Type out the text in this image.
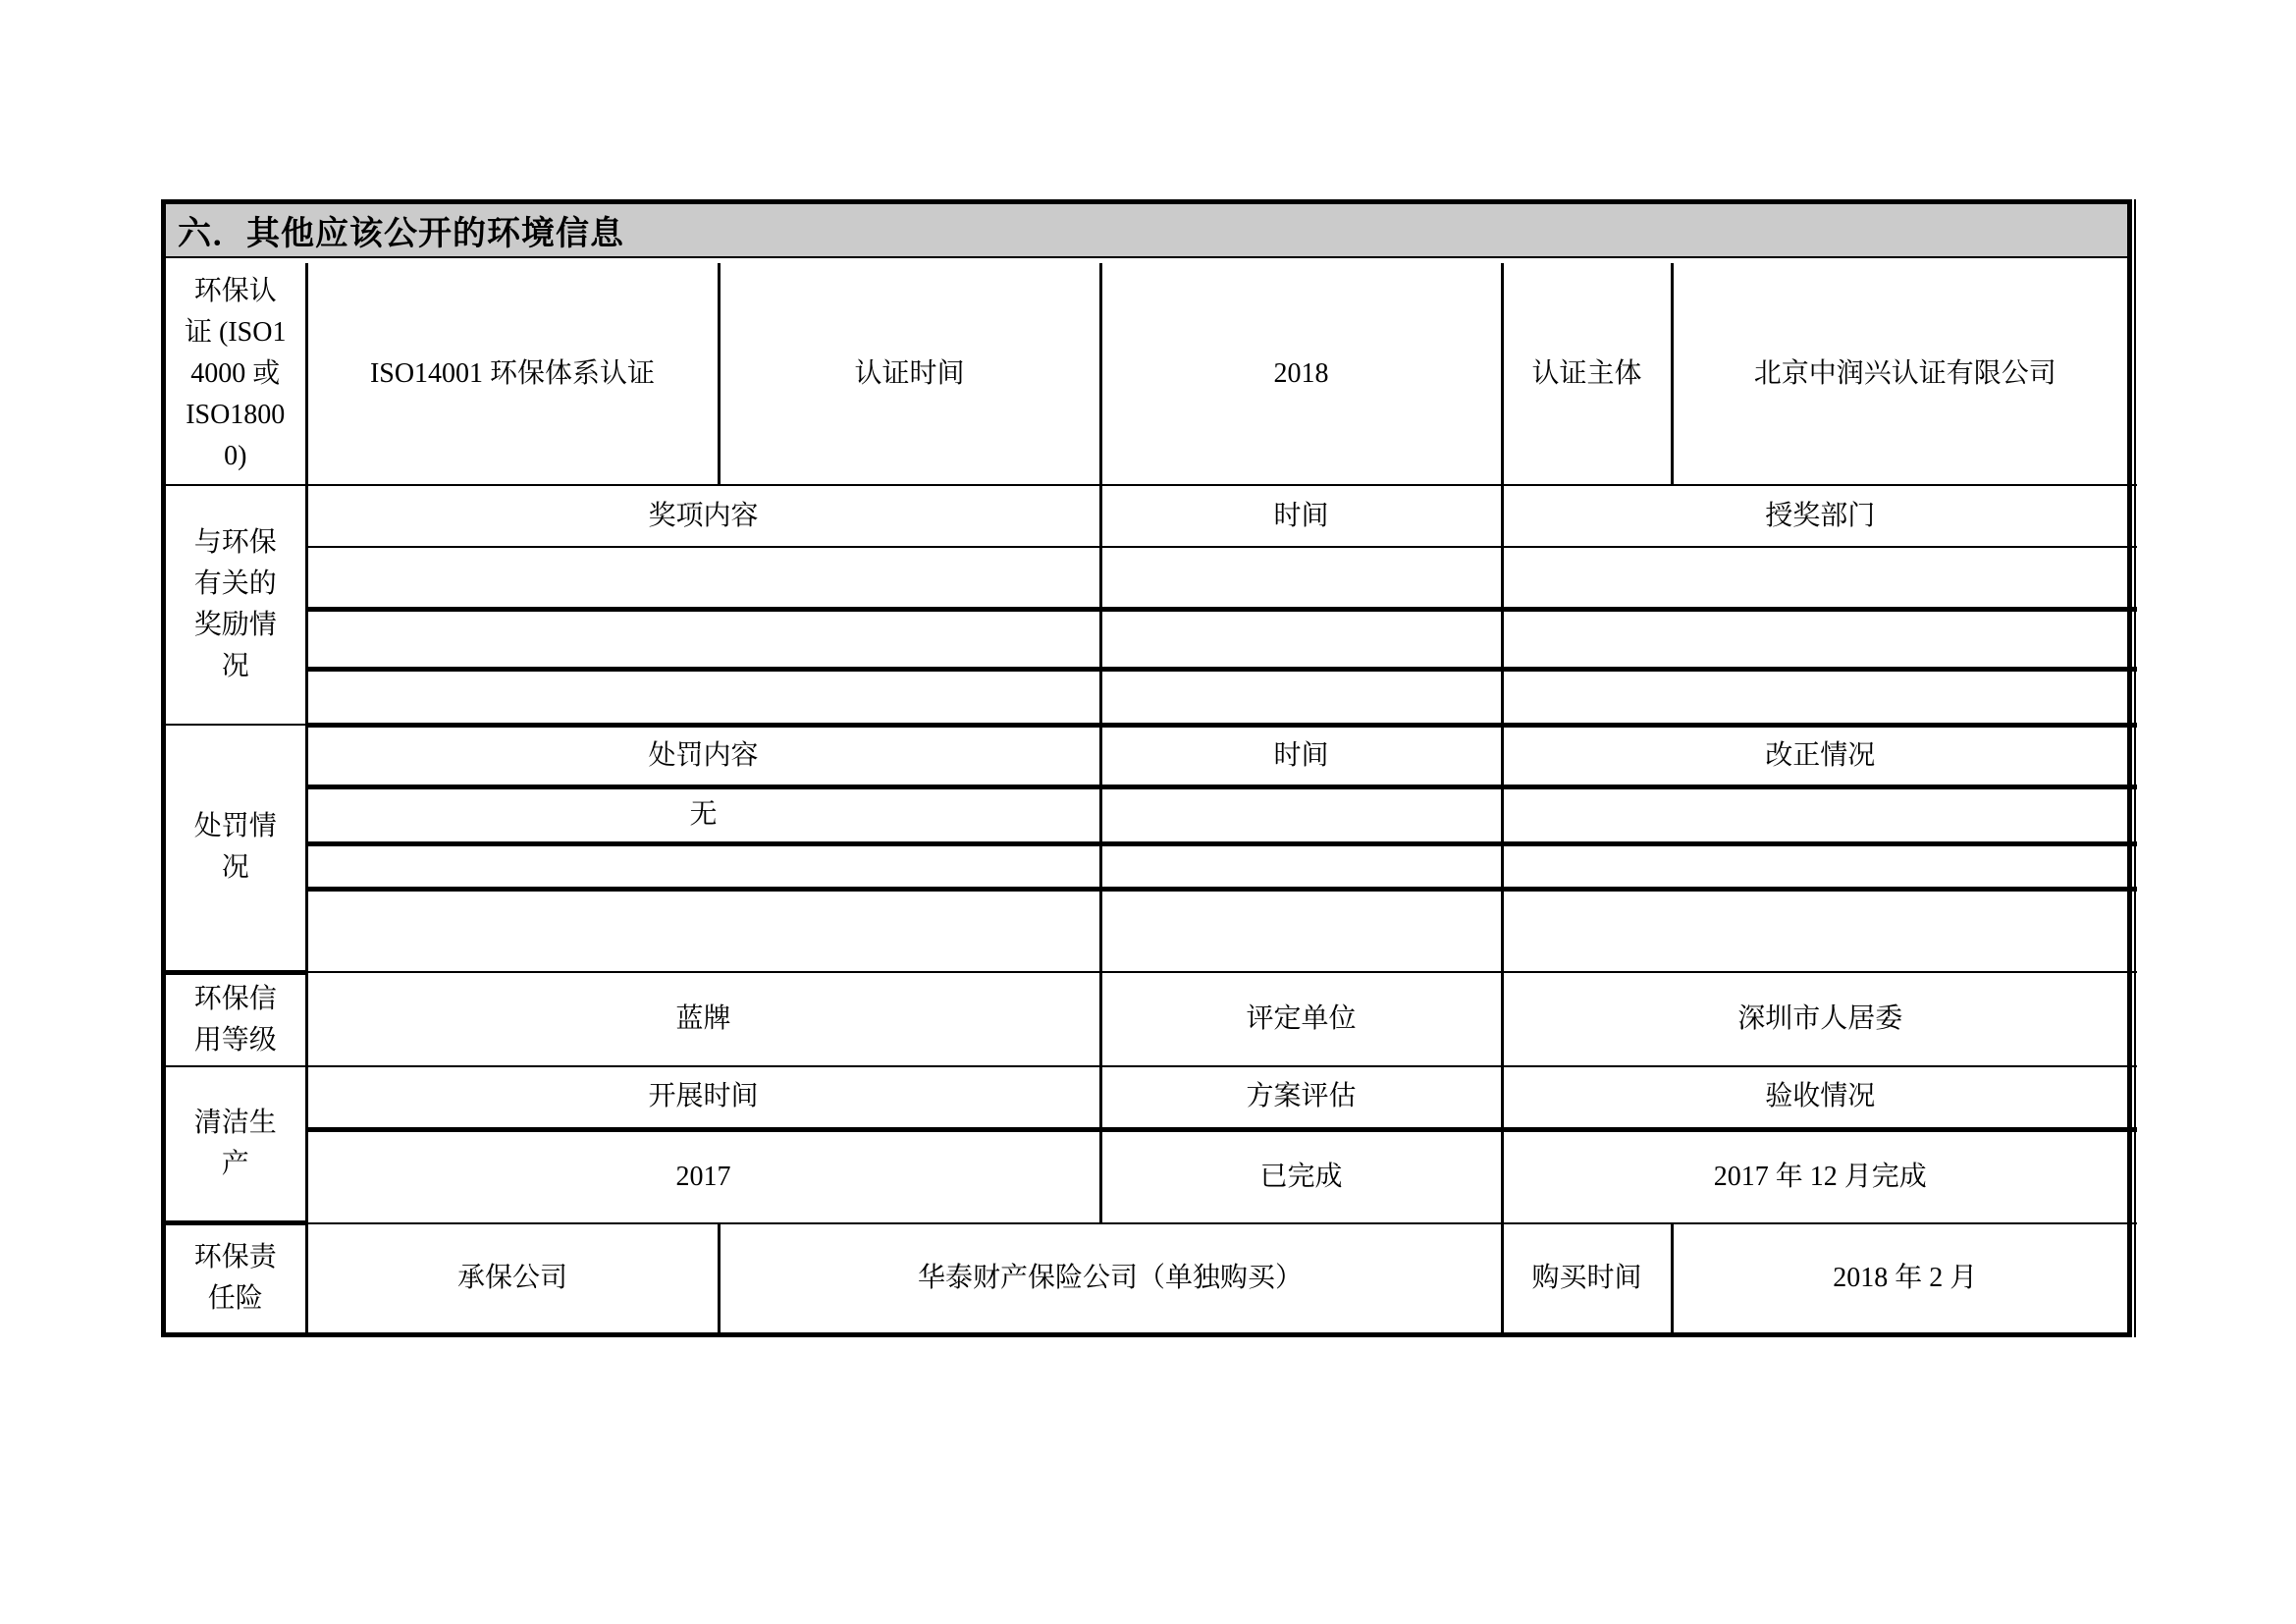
六．其他应该公开的环境信息
环保认证 (ISO14000 或 ISO18000)	ISO14001 环保体系认证	认证时间	2018	认证主体	北京中润兴认证有限公司
与环保有关的奖励情况	奖项内容		时间	授奖部门	

处罚情况	处罚内容		时间	改正情况	
	无				

环保信用等级	蓝牌		评定单位	深圳市人居委	
清洁生产	开展时间		方案评估	验收情况	
	2017		已完成	2017 年 12 月完成	
环保责任险	承保公司	华泰财产保险公司（单独购买）		购买时间	2018 年 2 月
